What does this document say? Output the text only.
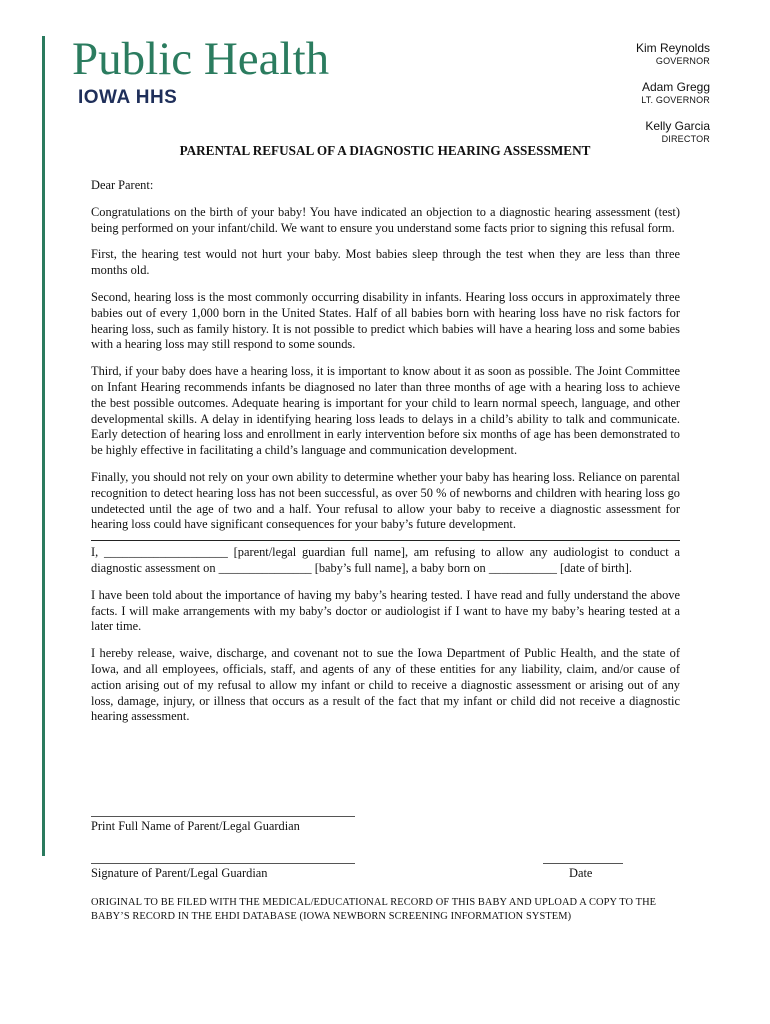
Public Health
IOWA HHS
Kim Reynolds
GOVERNOR
Adam Gregg
LT. GOVERNOR
Kelly Garcia
DIRECTOR
PARENTAL REFUSAL OF A DIAGNOSTIC HEARING ASSESSMENT

Dear Parent:

Congratulations on the birth of your baby! You have indicated an objection to a diagnostic hearing assessment (test) being performed on your infant/child. We want to ensure you understand some facts prior to signing this refusal form.

First, the hearing test would not hurt your baby. Most babies sleep through the test when they are less than three months old.

Second, hearing loss is the most commonly occurring disability in infants. Hearing loss occurs in approximately three babies out of every 1,000 born in the United States. Half of all babies born with hearing loss have no risk factors for hearing loss, such as family history. It is not possible to predict which babies will have a hearing loss and some babies with a hearing loss may still respond to some sounds.

Third, if your baby does have a hearing loss, it is important to know about it as soon as possible. The Joint Committee on Infant Hearing recommends infants be diagnosed no later than three months of age with a hearing loss to achieve the best possible outcomes. Adequate hearing is important for your child to learn normal speech, language, and other developmental skills. A delay in identifying hearing loss leads to delays in a child’s ability to talk and communicate. Early detection of hearing loss and enrollment in early intervention before six months of age has been demonstrated to be highly effective in facilitating a child’s language and communication development.

Finally, you should not rely on your own ability to determine whether your baby has hearing loss. Reliance on parental recognition to detect hearing loss has not been successful, as over 50 % of newborns and children with hearing loss go undetected until the age of two and a half. Your refusal to allow your baby to receive a diagnostic assessment for hearing loss could have significant consequences for your baby’s future development.

I, ____________________ [parent/legal guardian full name], am refusing to allow any audiologist to conduct a diagnostic assessment on _______________ [baby’s full name], a baby born on ___________ [date of birth].

I have been told about the importance of having my baby’s hearing tested. I have read and fully understand the above facts. I will make arrangements with my baby’s doctor or audiologist if I want to have my baby’s hearing tested at a later time.

I hereby release, waive, discharge, and covenant not to sue the Iowa Department of Public Health, and the state of Iowa, and all employees, officials, staff, and agents of any of these entities for any liability, claim, and/or cause of action arising out of my refusal to allow my infant or child to receive a diagnostic assessment or arising out of any loss, damage, injury, or illness that occurs as a result of the fact that my infant or child did not receive a diagnostic hearing assessment.

Print Full Name of Parent/Legal Guardian
Signature of Parent/Legal Guardian	Date
ORIGINAL TO BE FILED WITH THE MEDICAL/EDUCATIONAL RECORD OF THIS BABY AND UPLOAD A COPY TO THE BABY’S RECORD IN THE EHDI DATABASE (IOWA NEWBORN SCREENING INFORMATION SYSTEM)
